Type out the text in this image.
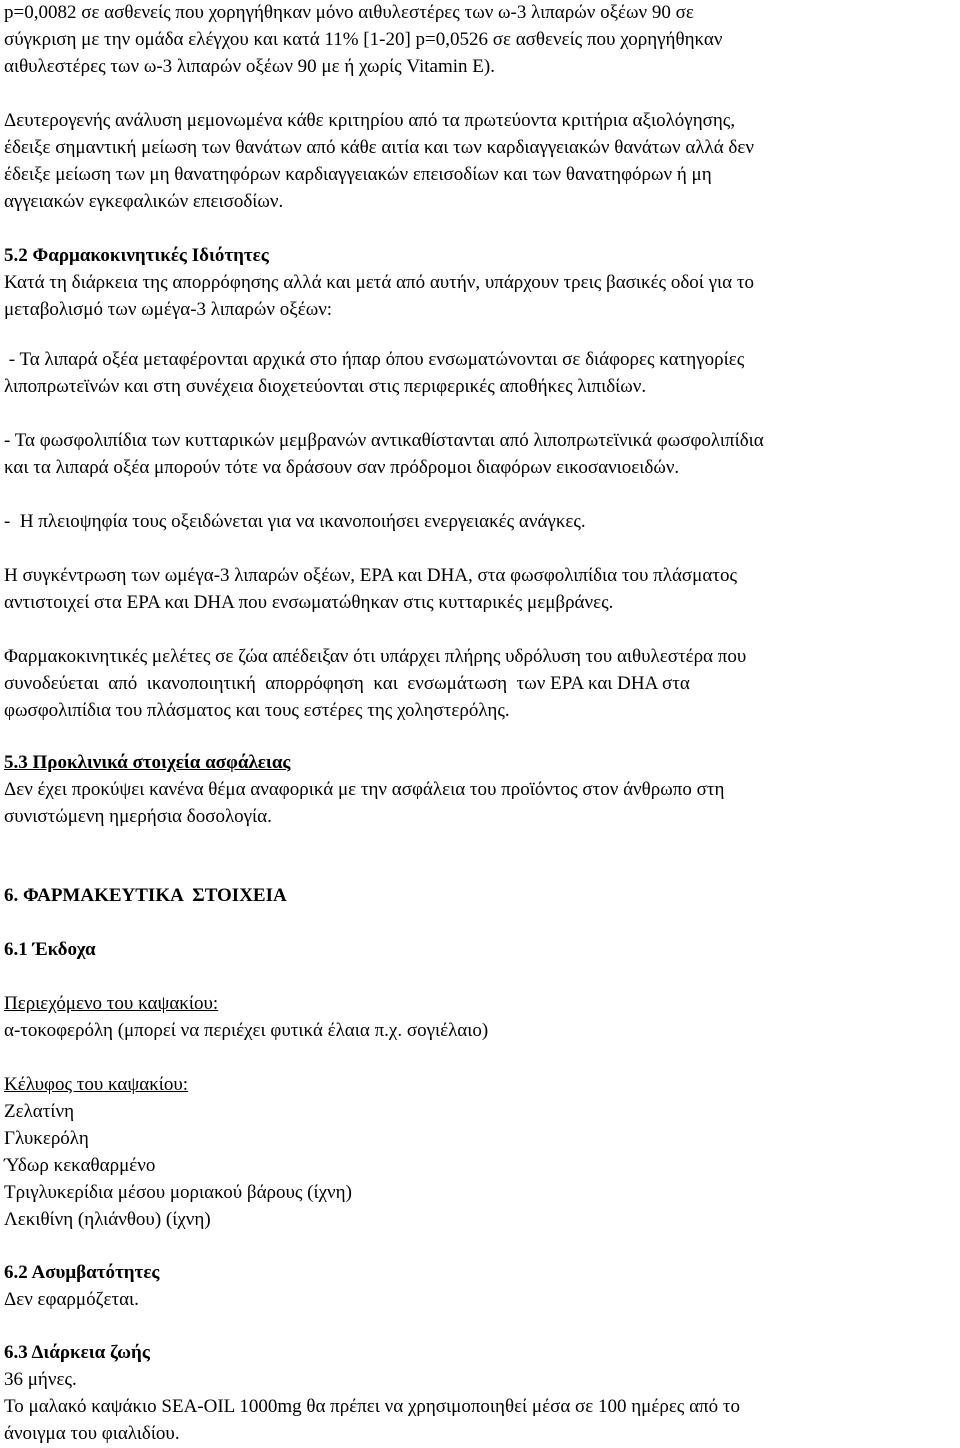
p=0,0082 σε ασθενείς που χορηγήθηκαν μόνο αιθυλεστέρες των ω-3 λιπαρών οξέων 90 σε

σύγκριση με την ομάδα ελέγχου και κατά 11% [1-20] p=0,0526 σε ασθενείς που χορηγήθηκαν

αιθυλεστέρες των ω-3 λιπαρών οξέων 90 με ή χωρίς Vitamin E).

Δευτερογενής ανάλυση μεμονωμένα κάθε κριτηρίου από τα πρωτεύοντα κριτήρια αξιολόγησης,

έδειξε σημαντική μείωση των θανάτων από κάθε αιτία και των καρδιαγγειακών θανάτων αλλά δεν

έδειξε μείωση των μη θανατηφόρων καρδιαγγειακών επεισοδίων και των θανατηφόρων ή μη

αγγειακών εγκεφαλικών επεισοδίων.

5.2 Φαρμακοκινητικές Ιδιότητες

Κατά τη διάρκεια της απορρόφησης αλλά και μετά από αυτήν, υπάρχουν τρεις βασικές οδοί για το

μεταβολισμό των ωμέγα-3 λιπαρών οξέων:

- Τα λιπαρά οξέα μεταφέρονται αρχικά στο ήπαρ όπου ενσωματώνονται σε διάφορες κατηγορίες

λιποπρωτεϊνών και στη συνέχεια διοχετεύονται στις περιφερικές αποθήκες λιπιδίων.

- Τα φωσφολιπίδια των κυτταρικών μεμβρανών αντικαθίστανται από λιποπρωτεϊνικά φωσφολιπίδια

και τα λιπαρά οξέα μπορούν τότε να δράσουν σαν πρόδρομοι διαφόρων εικοσανιοειδών.

-  Η πλειοψηφία τους οξειδώνεται για να ικανοποιήσει ενεργειακές ανάγκες.

Η συγκέντρωση των ωμέγα-3 λιπαρών οξέων, EPA και DHA, στα φωσφολιπίδια του πλάσματος

αντιστοιχεί στα EPA και DHA που ενσωματώθηκαν στις κυτταρικές μεμβράνες.

Φαρμακοκινητικές μελέτες σε ζώα απέδειξαν ότι υπάρχει πλήρης υδρόλυση του αιθυλεστέρα που

συνοδεύεται  από  ικανοποιητική  απορρόφηση  και  ενσωμάτωση  των EPA και DHA στα

φωσφολιπίδια του πλάσματος και τους εστέρες της χοληστερόλης.

5.3 Προκλινικά στοιχεία ασφάλειας

Δεν έχει προκύψει κανένα θέμα αναφορικά με την ασφάλεια του προϊόντος στον άνθρωπο στη

συνιστώμενη ημερήσια δοσολογία.

6. ΦΑΡΜΑΚΕΥΤΙΚΑ  ΣΤΟΙΧΕΙΑ

6.1 Έκδοχα

Περιεχόμενο του καψακίου:

α-τοκοφερόλη (μπορεί να περιέχει φυτικά έλαια π.χ. σογιέλαιο)

Κέλυφος του καψακίου:

Ζελατίνη

Γλυκερόλη

Ύδωρ κεκαθαρμένο

Τριγλυκερίδια μέσου μοριακού βάρους (ίχνη)

Λεκιθίνη (ηλιάνθου) (ίχνη)

6.2 Ασυμβατότητες

Δεν εφαρμόζεται.

6.3 Διάρκεια ζωής

36 μήνες.

Το μαλακό καψάκιο SEA-OIL 1000mg θα πρέπει να χρησιμοποιηθεί μέσα σε 100 ημέρες από το

άνοιγμα του φιαλιδίου.
